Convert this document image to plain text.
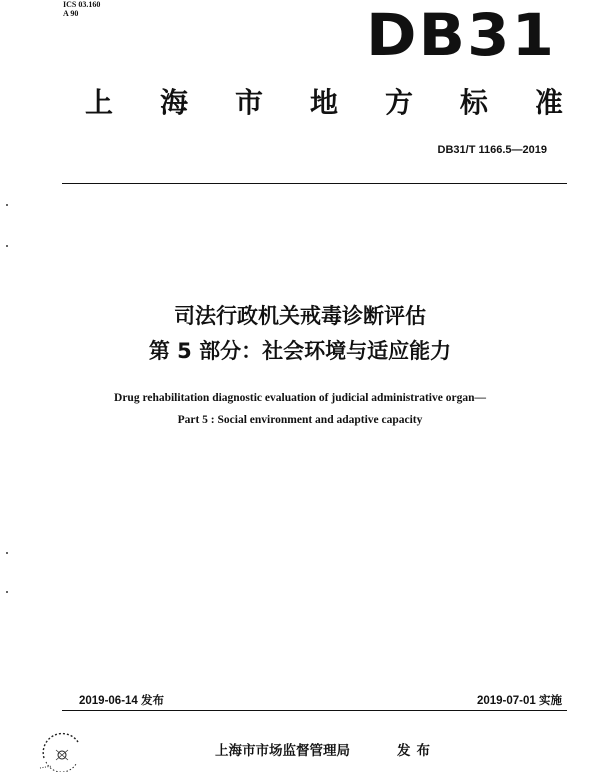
ICS 03.160
A 90	DB31
上 海 市 地 方 标 准
DB31/T 1166.5—2019
司法行政机关戒毒诊断评估
第 5 部分：社会环境与适应能力
Drug rehabilitation diagnostic evaluation of judicial administrative organ—
Part 5 : Social environment and adaptive capacity
2019-06-14 发布	2019-07-01 实施
上海市市场监督管理局	发布
